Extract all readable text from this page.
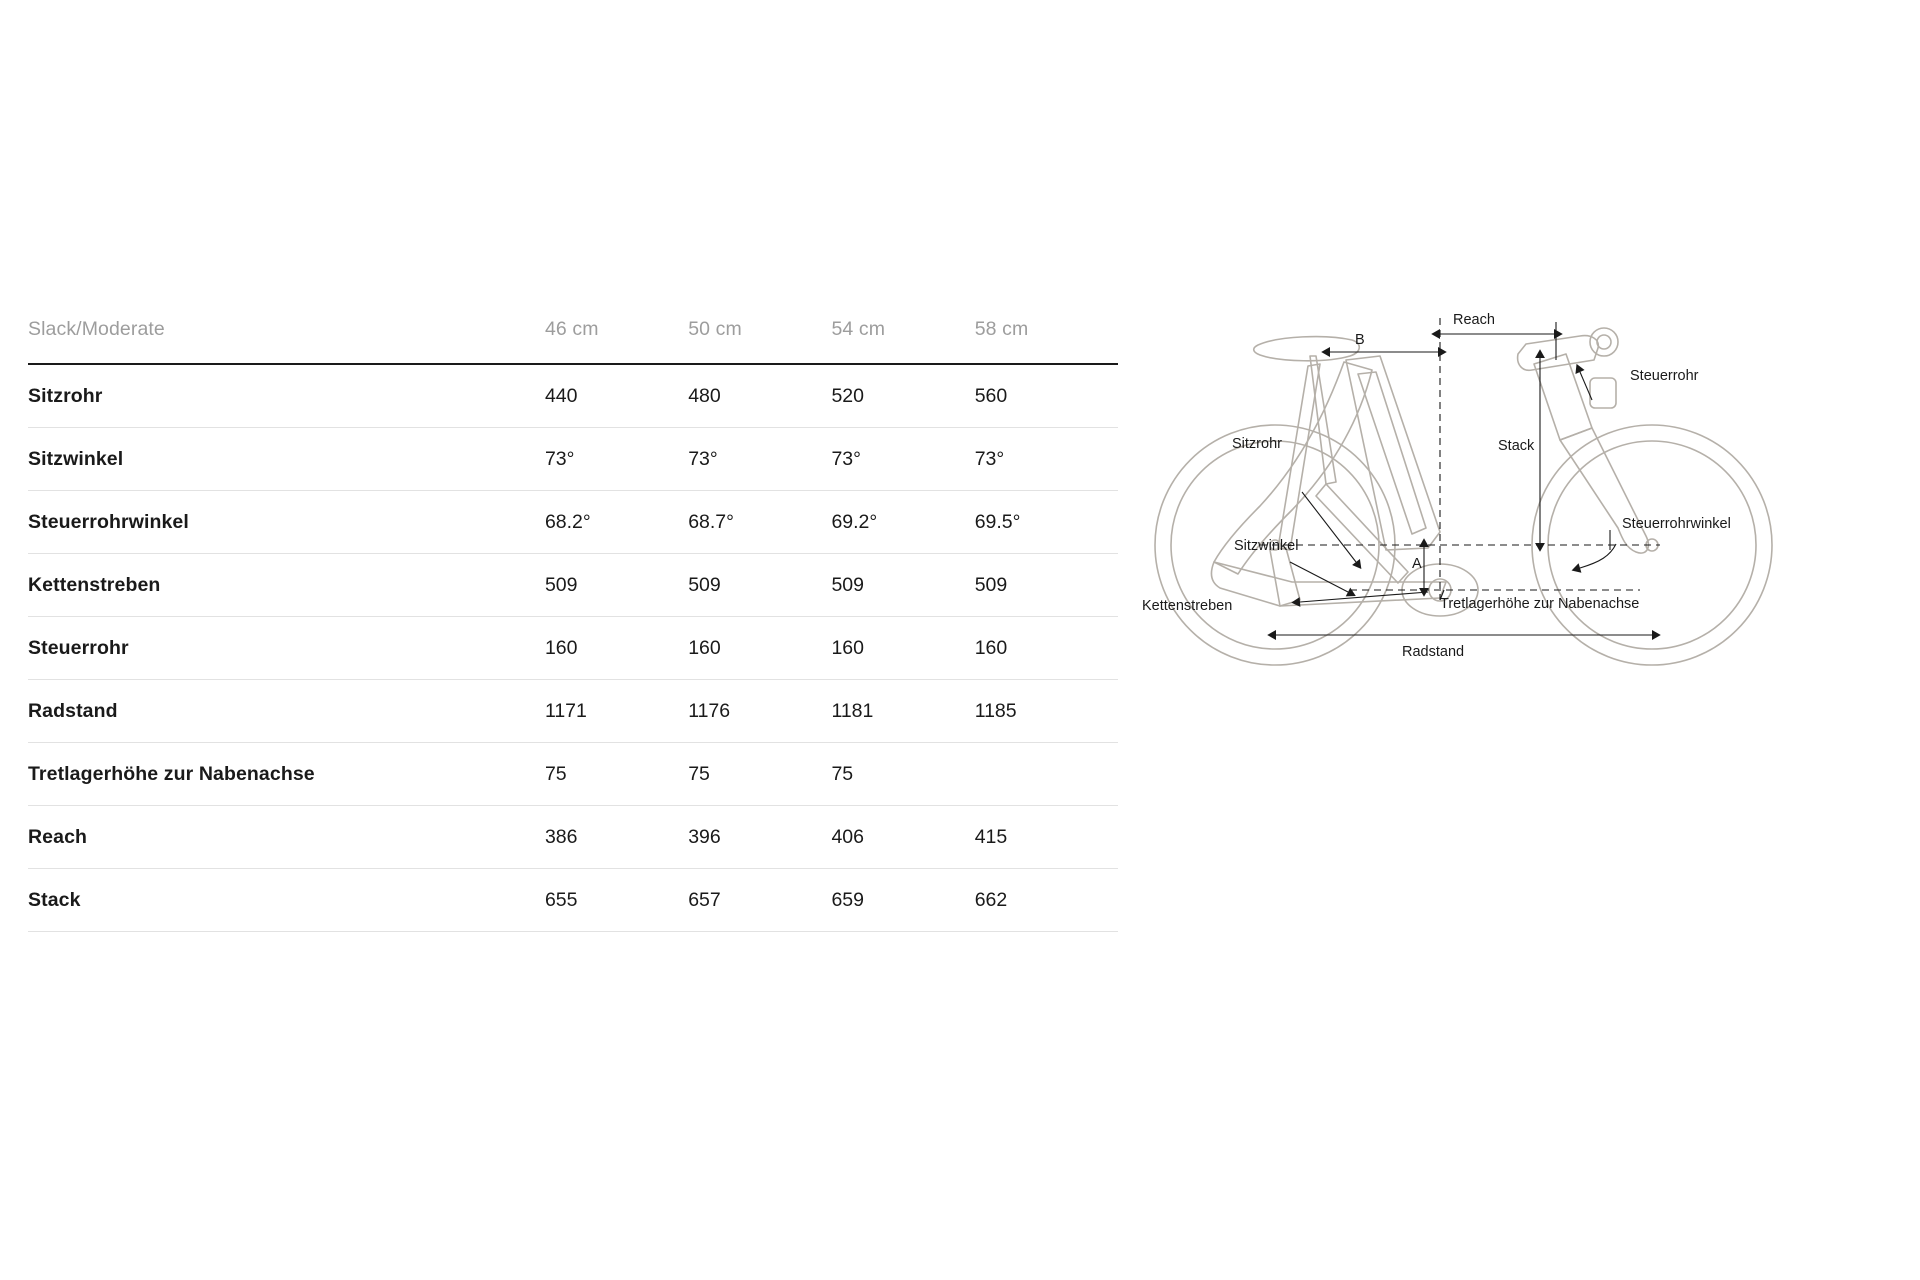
Slack/Moderate	46 cm	50 cm	54 cm	58 cm
Sitzrohr	440	480	520	560
Sitzwinkel	73°	73°	73°	73°
Steuerrohrwinkel	68.2°	68.7°	69.2°	69.5°
Kettenstreben	509	509	509	509
Steuerrohr	160	160	160	160
Radstand	1171	1176	1181	1185
Tretlagerhöhe zur Nabenachse	75	75	75	
Reach	386	396	406	415
Stack	655	657	659	662
Reach
B
A
Steuerrohr
Sitzrohr	Stack
Sitzwinkel
Steuerrohrwinkel
Kettenstreben	Tretlagerhöhe zur Nabenachse
Radstand
